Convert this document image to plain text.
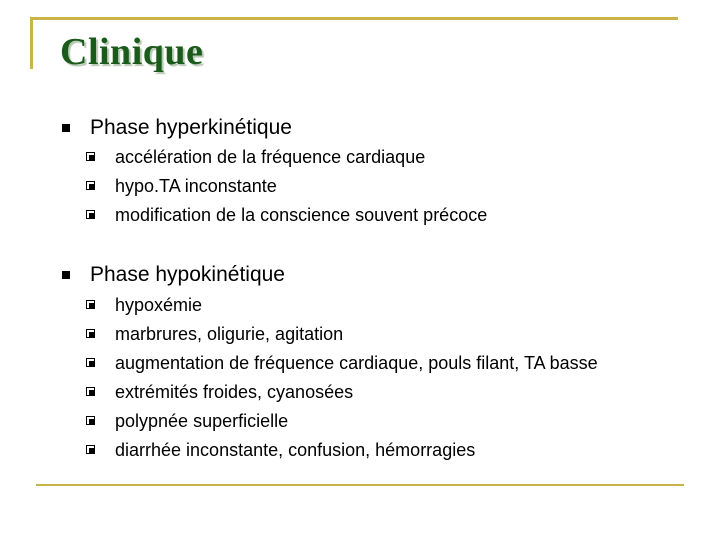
Clinique
Phase hyperkinétique
accélération de la fréquence cardiaque
hypo.TA inconstante
modification de la conscience souvent précoce
Phase hypokinétique
hypoxémie
marbrures, oligurie, agitation
augmentation de fréquence cardiaque, pouls filant, TA basse
extrémités froides, cyanosées
polypnée superficielle
diarrhée inconstante, confusion, hémorragies
